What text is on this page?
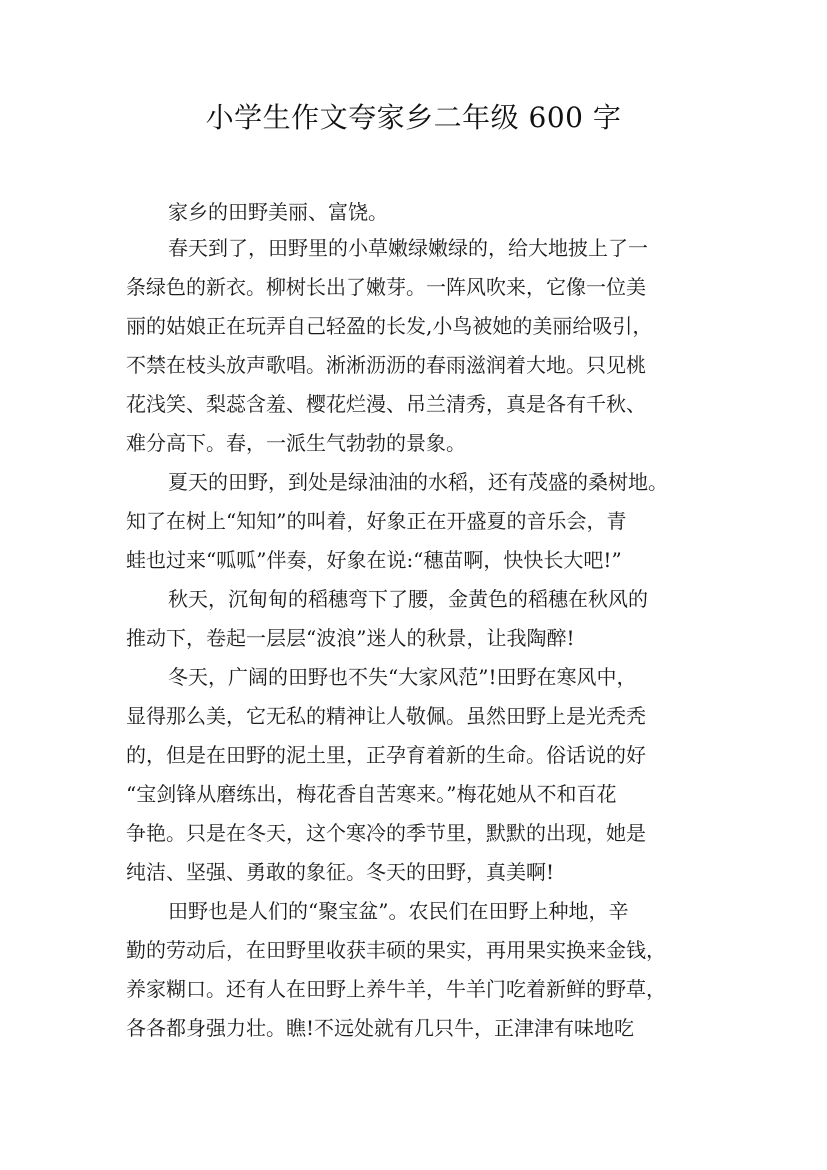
小学生作文夸家乡二年级 600 字
家乡的田野美丽、富饶。
春天到了，田野里的小草嫩绿嫩绿的，给大地披上了一
条绿色的新衣。柳树长出了嫩芽。一阵风吹来，它像一位美
丽的姑娘正在玩弄自己轻盈的长发,小鸟被她的美丽给吸引，
不禁在枝头放声歌唱。淅淅沥沥的春雨滋润着大地。只见桃
花浅笑、梨蕊含羞、樱花烂漫、吊兰清秀，真是各有千秋、
难分高下。春，一派生气勃勃的景象。
夏天的田野，到处是绿油油的水稻，还有茂盛的桑树地。
知了在树上“知知”的叫着，好象正在开盛夏的音乐会，青
蛙也过来“呱呱”伴奏，好象在说:“穗苗啊，快快长大吧!”
秋天，沉甸甸的稻穗弯下了腰，金黄色的稻穗在秋风的
推动下，卷起一层层“波浪”迷人的秋景，让我陶醉!
冬天，广阔的田野也不失“大家风范”!田野在寒风中，
显得那么美，它无私的精神让人敬佩。虽然田野上是光秃秃
的，但是在田野的泥土里，正孕育着新的生命。俗话说的好
“宝剑锋从磨练出，梅花香自苦寒来。”梅花她从不和百花
争艳。只是在冬天，这个寒冷的季节里，默默的出现，她是
纯洁、坚强、勇敢的象征。冬天的田野，真美啊!
田野也是人们的“聚宝盆”。农民们在田野上种地，辛
勤的劳动后，在田野里收获丰硕的果实，再用果实换来金钱，
养家糊口。还有人在田野上养牛羊，牛羊门吃着新鲜的野草，
各各都身强力壮。瞧!不远处就有几只牛，正津津有味地吃
